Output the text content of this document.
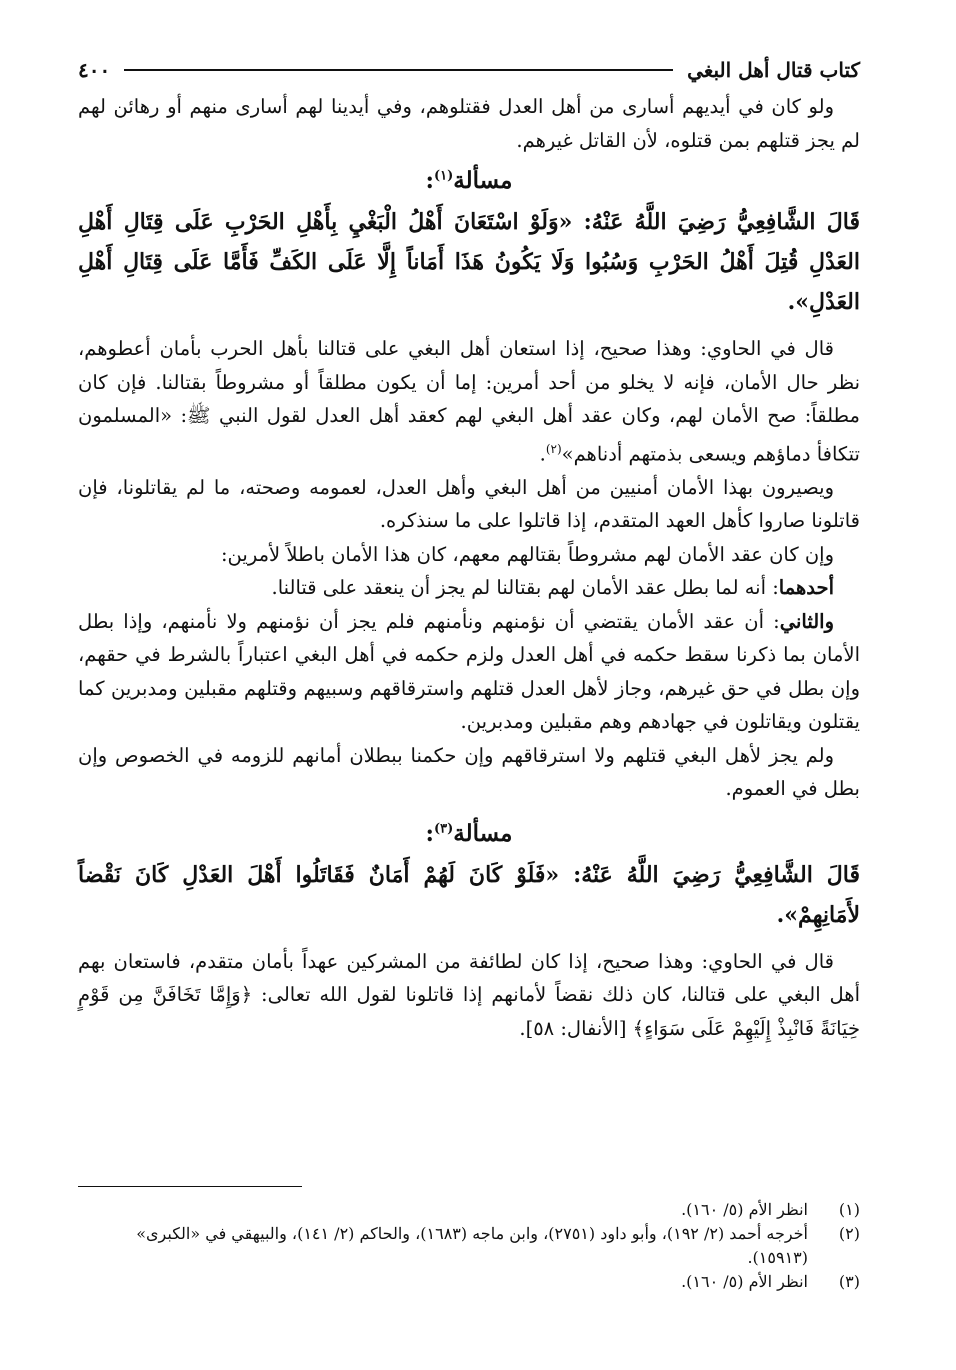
كتاب قتال أهل البغي
٤٠٠

ولو كان في أيديهم أسارى من أهل العدل فقتلوهم، وفي أيدينا لهم أسارى منهم أو رهائن لهم لم يجز قتلهم بمن قتلوه، لأن القاتل غيرهم.

مسألة$^{(١)}$:

قَالَ الشَّافِعِيُّ رَضِيَ اللَّهُ عَنْهُ: «وَلَوْ اسْتَعَانَ أَهْلُ الْبَغْيِ بِأَهْلِ الحَرْبِ عَلَى قِتَالِ أَهْلِ العَدْلِ قُتِلَ أَهْلُ الحَرْبِ وَسُبُوا وَلَا يَكُونُ هَذَا أَمَاناً إِلَّا عَلَى الكَفِّ فَأَمَّا عَلَى قِتَالِ أَهْلِ العَدْلِ».

قال في الحاوي: وهذا صحيح، إذا استعان أهل البغي على قتالنا بأهل الحرب بأمان أعطوهم، نظر حال الأمان، فإنه لا يخلو من أحد أمرين: إما أن يكون مطلقاً أو مشروطاً بقتالنا. فإن كان مطلقاً: صح الأمان لهم، وكان عقد أهل البغي لهم كعقد أهل العدل لقول النبي ﷺ: «المسلمون تتكافأ دماؤهم ويسعى بذمتهم أدناهم»$^{(٢)}$.

ويصيرون بهذا الأمان أمنيين من أهل البغي وأهل العدل، لعمومه وصحته، ما لم يقاتلونا، فإن قاتلونا صاروا كأهل العهد المتقدم، إذا قاتلوا على ما سنذكره.

وإن كان عقد الأمان لهم مشروطاً بقتالهم معهم، كان هذا الأمان باطلاً لأمرين:

أحدهما: أنه لما بطل عقد الأمان لهم بقتالنا لم يجز أن ينعقد على قتالنا.

والثاني: أن عقد الأمان يقتضي أن نؤمنهم ونأمنهم فلم يجز أن نؤمنهم ولا نأمنهم، وإذا بطل الأمان بما ذكرنا سقط حكمه في أهل العدل ولزم حكمه في أهل البغي اعتباراً بالشرط في حقهم، وإن بطل في حق غيرهم، وجاز لأهل العدل قتلهم واسترقاقهم وسبيهم وقتلهم مقبلين ومدبرين كما يقتلون ويقاتلون في جهادهم وهم مقبلين ومدبرين.

ولم يجز لأهل البغي قتلهم ولا استرقاقهم وإن حكمنا ببطلان أمانهم للزومه في الخصوص وإن بطل في العموم.

مسألة$^{(٣)}$:

قَالَ الشَّافِعِيُّ رَضِيَ اللَّهُ عَنْهُ: «فَلَوْ كَانَ لَهُمْ أَمَانٌ فَقَاتَلُوا أَهْلَ العَدْلِ كَانَ نَقْضاً لأَمَانِهِمْ».

قال في الحاوي: وهذا صحيح، إذا كان لطائفة من المشركين عهداً بأمان متقدم، فاستعان بهم أهل البغي على قتالنا، كان ذلك نقضاً لأمانهم إذا قاتلونا لقول الله تعالى: ﴿وَإِمَّا تَخَافَنَّ مِن قَوْمٍ خِيَانَةً فَانْبِذْ إِلَيْهِمْ عَلَى سَوَاءٍ﴾ [الأنفال: ٥٨].

(١)
انظر الأم (٥/ ١٦٠).
(٢)
أخرجه أحمد (٢/ ١٩٢)، وأبو داود (٢٧٥١)، وابن ماجه (١٦٨٣)، والحاكم (٢/ ١٤١)، والبيهقي في «الكبرى» (١٥٩١٣).
(٣)
انظر الأم (٥/ ١٦٠).
